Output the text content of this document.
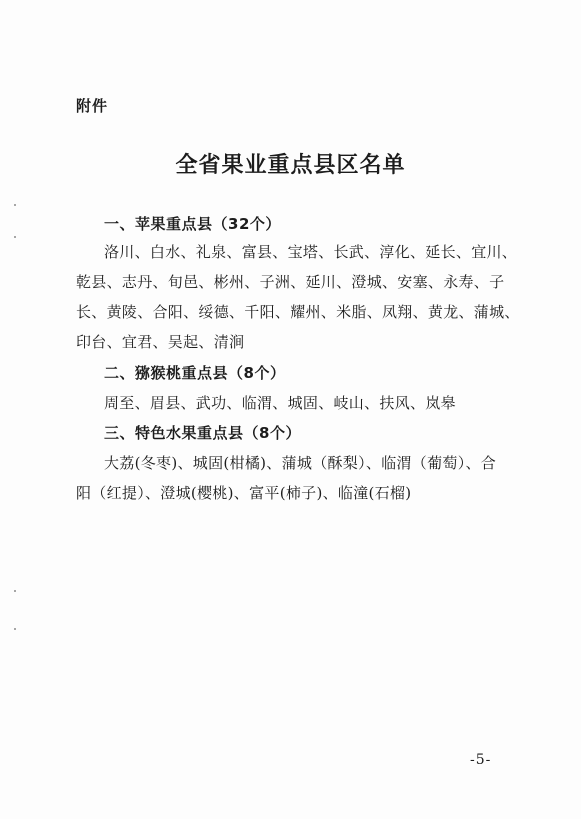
附件
全省果业重点县区名单
一、苹果重点县（32个）
洛川、白水、礼泉、富县、宝塔、长武、淳化、延长、宜川、
乾县、志丹、旬邑、彬州、子洲、延川、澄城、安塞、永寿、子
长、黄陵、合阳、绥德、千阳、耀州、米脂、凤翔、黄龙、蒲城、
印台、宜君、吴起、清涧
二、猕猴桃重点县（8个）
周至、眉县、武功、临渭、城固、岐山、扶风、岚皋
三、特色水果重点县（8个）
大荔(冬枣)、城固(柑橘)、蒲城（酥梨）、临渭（葡萄）、合
阳（红提）、澄城(樱桃)、富平(柿子)、临潼(石榴)
-5-
